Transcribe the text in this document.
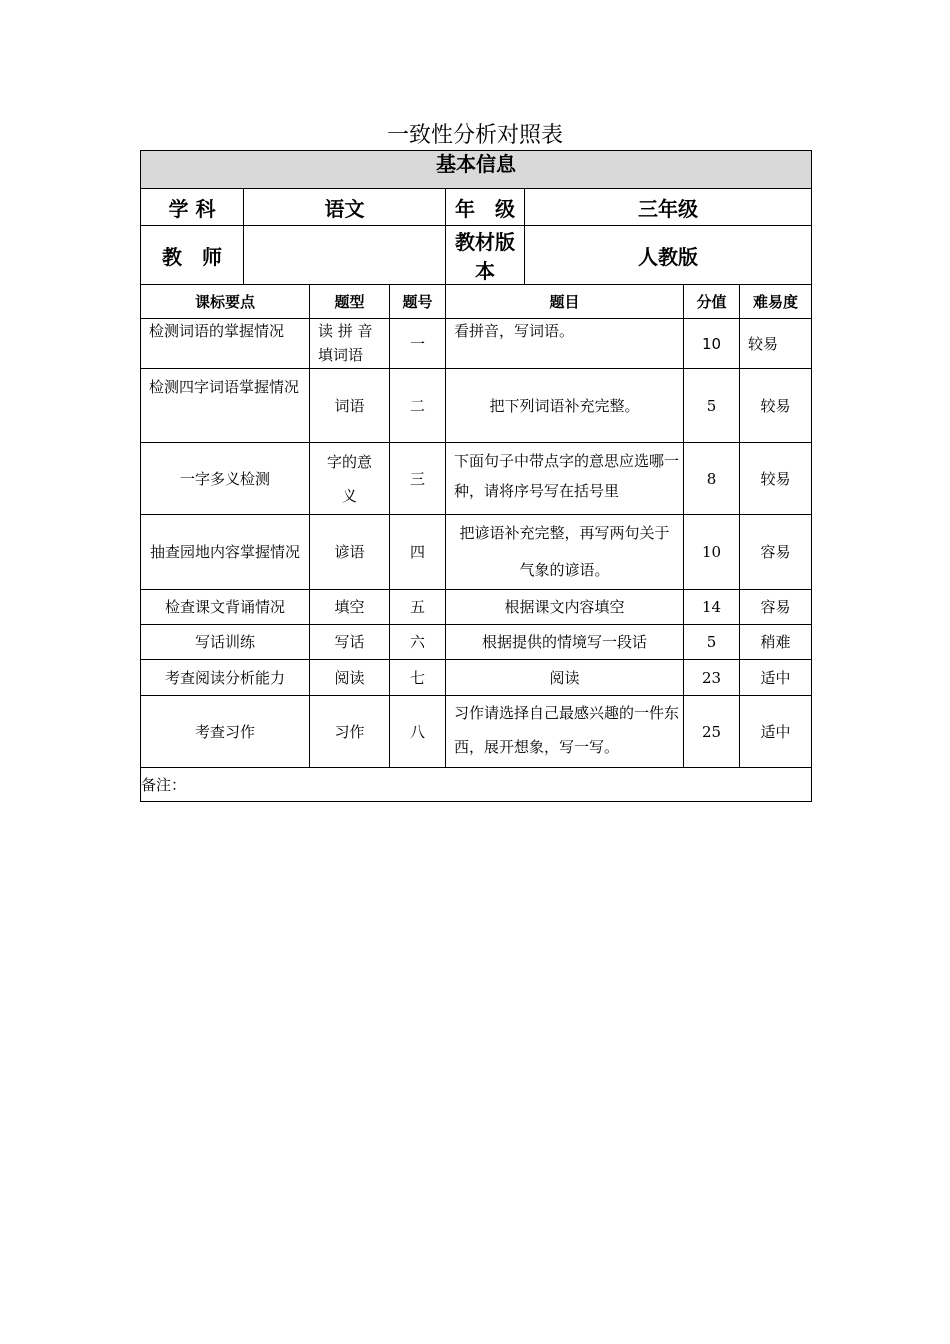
一致性分析对照表
基本信息							
学 科	语文			年　级	三年级		
教　师				教材版本	人教版		
课标要点		题型	题号	题目		分值	难易度
检测词语的掌握情况		读 拼 音 填词语	一	看拼音，写词语。		10	较易
检测四字词语掌握情况		词语	二	把下列词语补充完整。		5	较易
一字多义检测		字的意义	三	下面句子中带点字的意思应选哪一种，请将序号写在括号里		8	较易
抽查园地内容掌握情况		谚语	四	把谚语补充完整，再写两句关于气象的谚语。		10	容易
检查课文背诵情况		填空	五	根据课文内容填空		14	容易
写话训练		写话	六	根据提供的情境写一段话		5	稍难
考查阅读分析能力		阅读	七	阅读		23	适中
考查习作		习作	八	习作请选择自己最感兴趣的一件东西，展开想象，写一写。		25	适中
备注：							
